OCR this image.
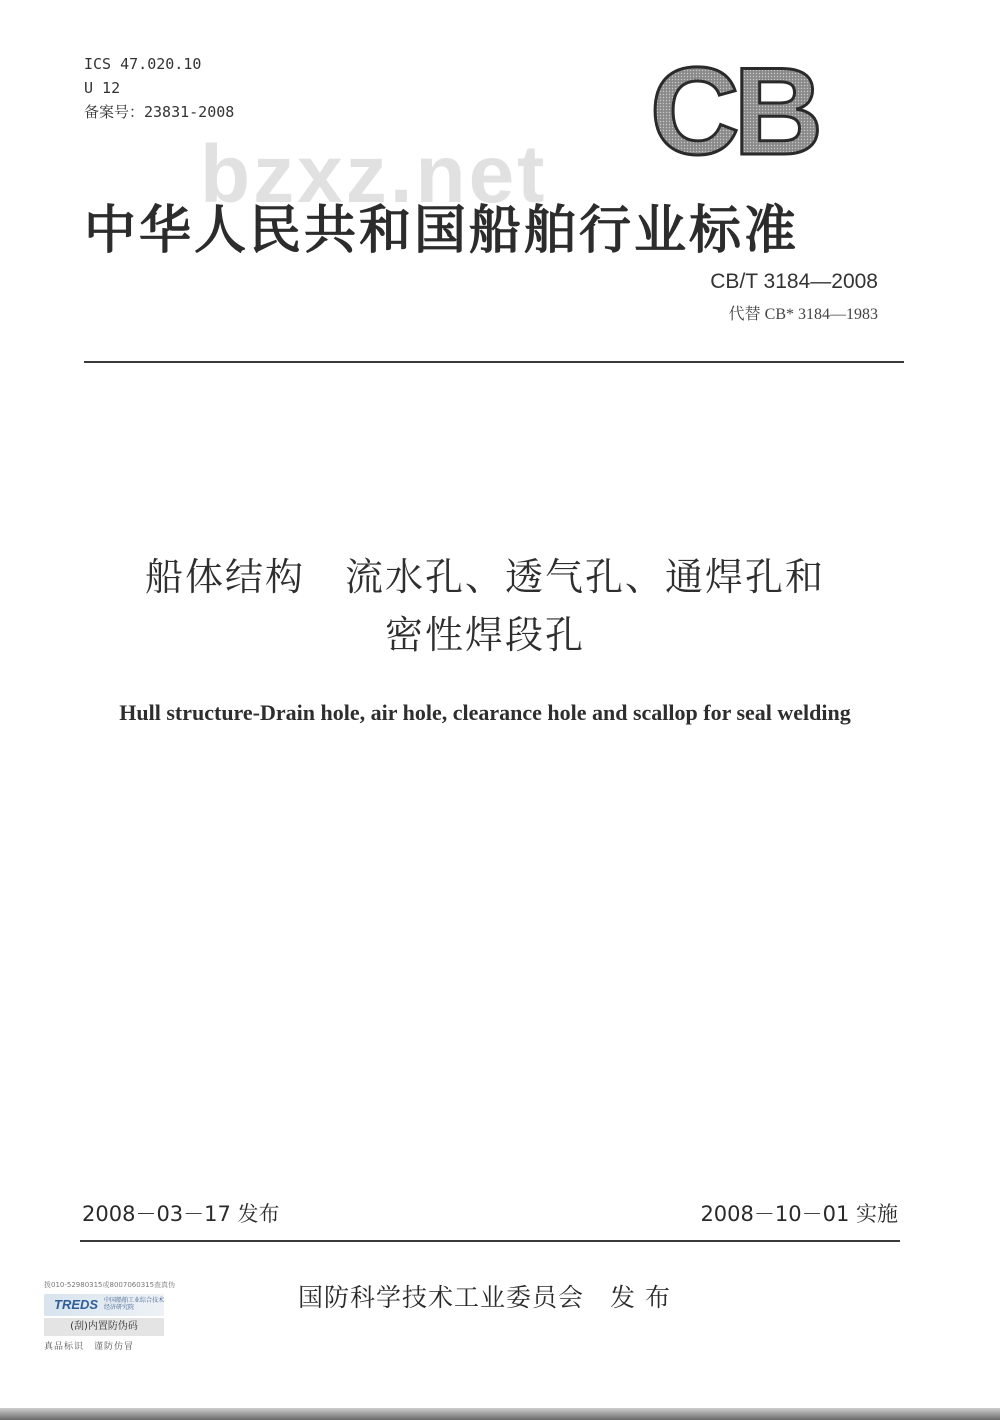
ICS 47.020.10
U 12
备案号：23831-2008	CB
bzxz.net
中华人民共和国船舶行业标准
CB/T 3184—2008
代替 CB* 3184—1983
船体结构　流水孔、透气孔、通焊孔和
密性焊段孔
Hull structure-Drain hole, air hole, clearance hole and scallop for seal welding
2008－03－17 发布	2008－10－01 实施
国防科学技术工业委员会　发 布
拨010-52980315或8007060315查真伪
TREDS 中国船舶工业综合技术经济研究院
(刮)内置防伪码
真品标识　谨防仿冒
